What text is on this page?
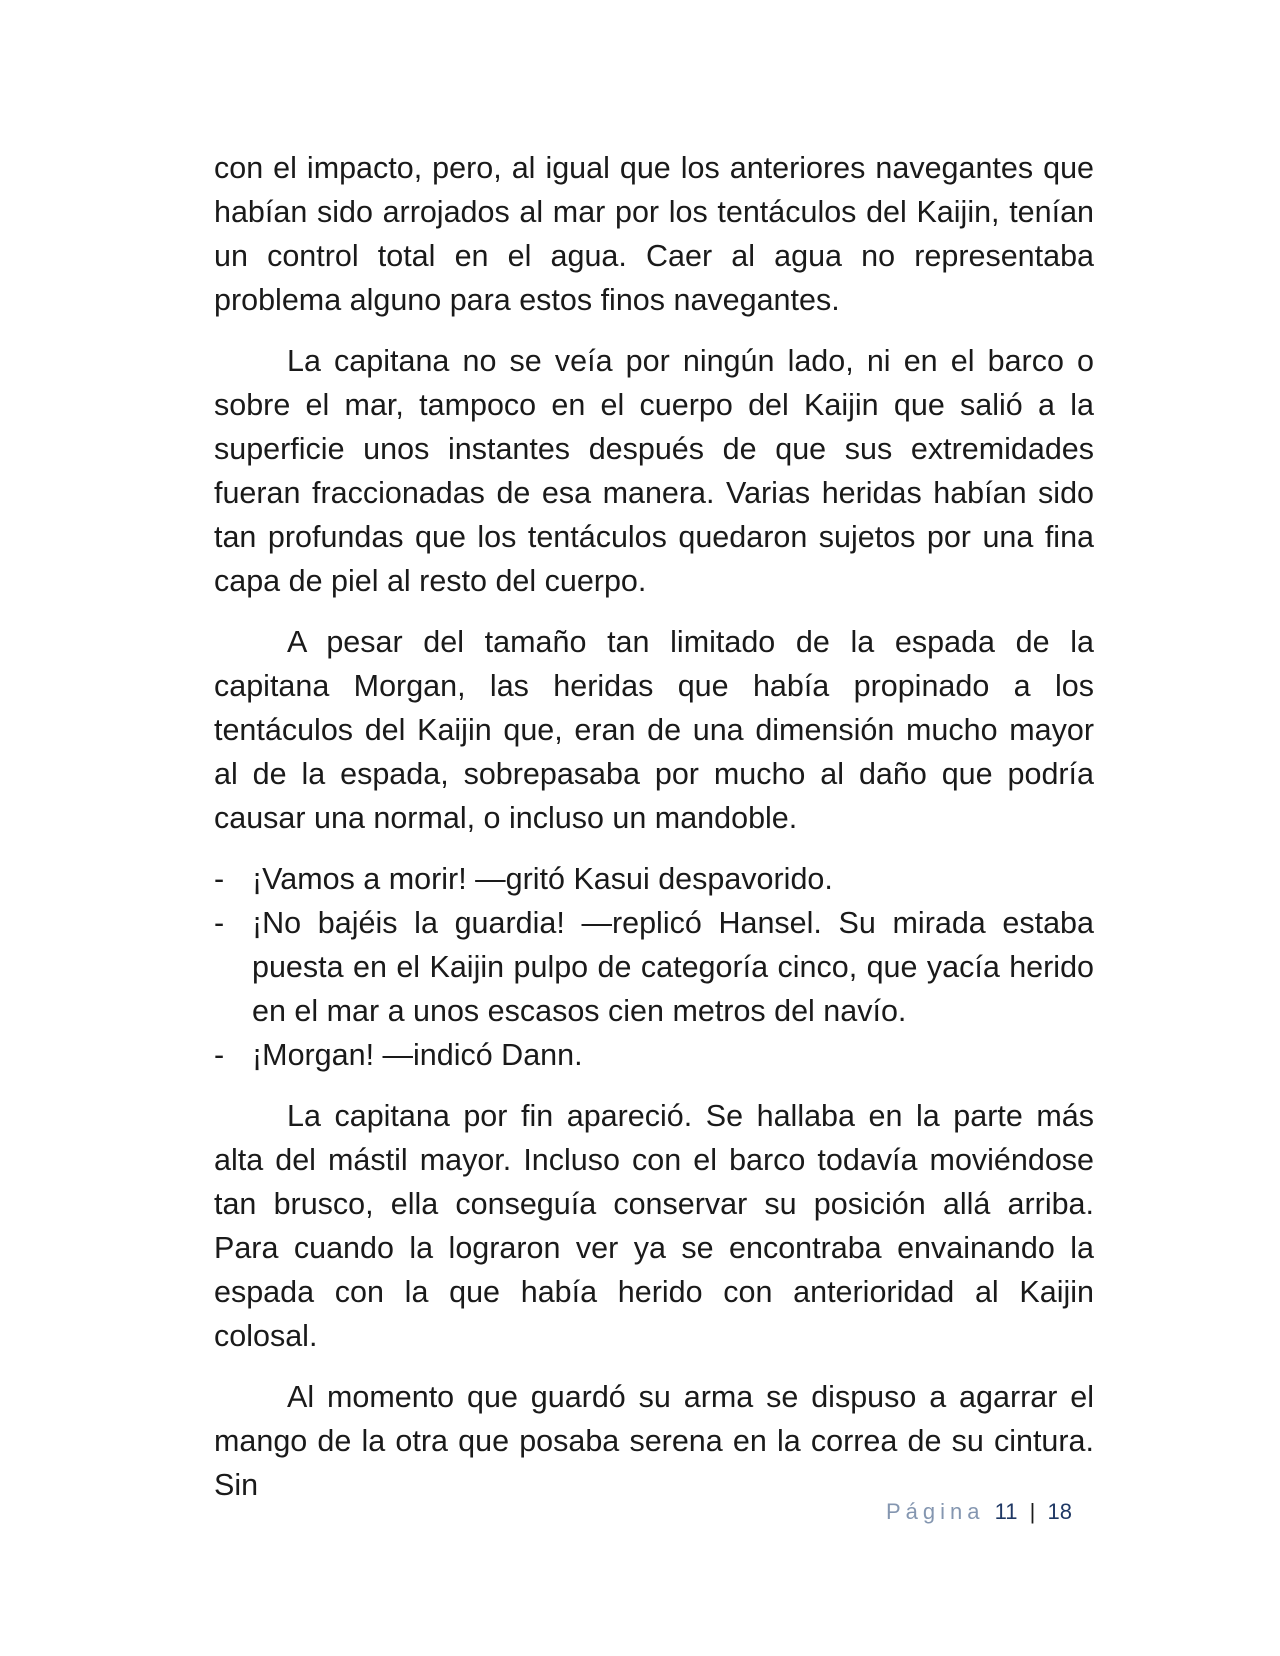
con el impacto, pero, al igual que los anteriores navegantes que habían sido arrojados al mar por los tentáculos del Kaijin, tenían un control total en el agua. Caer al agua no representaba problema alguno para estos finos navegantes.

La capitana no se veía por ningún lado, ni en el barco o sobre el mar, tampoco en el cuerpo del Kaijin que salió a la superficie unos instantes después de que sus extremidades fueran fraccionadas de esa manera. Varias heridas habían sido tan profundas que los tentáculos quedaron sujetos por una fina capa de piel al resto del cuerpo.

A pesar del tamaño tan limitado de la espada de la capitana Morgan, las heridas que había propinado a los tentáculos del Kaijin que, eran de una dimensión mucho mayor al de la espada, sobrepasaba por mucho al daño que podría causar una normal, o incluso un mandoble.

- ¡Vamos a morir! —gritó Kasui despavorido.
- ¡No bajéis la guardia! —replicó Hansel. Su mirada estaba puesta en el Kaijin pulpo de categoría cinco, que yacía herido en el mar a unos escasos cien metros del navío.
- ¡Morgan! —indicó Dann.

La capitana por fin apareció. Se hallaba en la parte más alta del mástil mayor. Incluso con el barco todavía moviéndose tan brusco, ella conseguía conservar su posición allá arriba. Para cuando la lograron ver ya se encontraba envainando la espada con la que había herido con anterioridad al Kaijin colosal.

Al momento que guardó su arma se dispuso a agarrar el mango de la otra que posaba serena en la correa de su cintura. Sin

Página 11 | 18
